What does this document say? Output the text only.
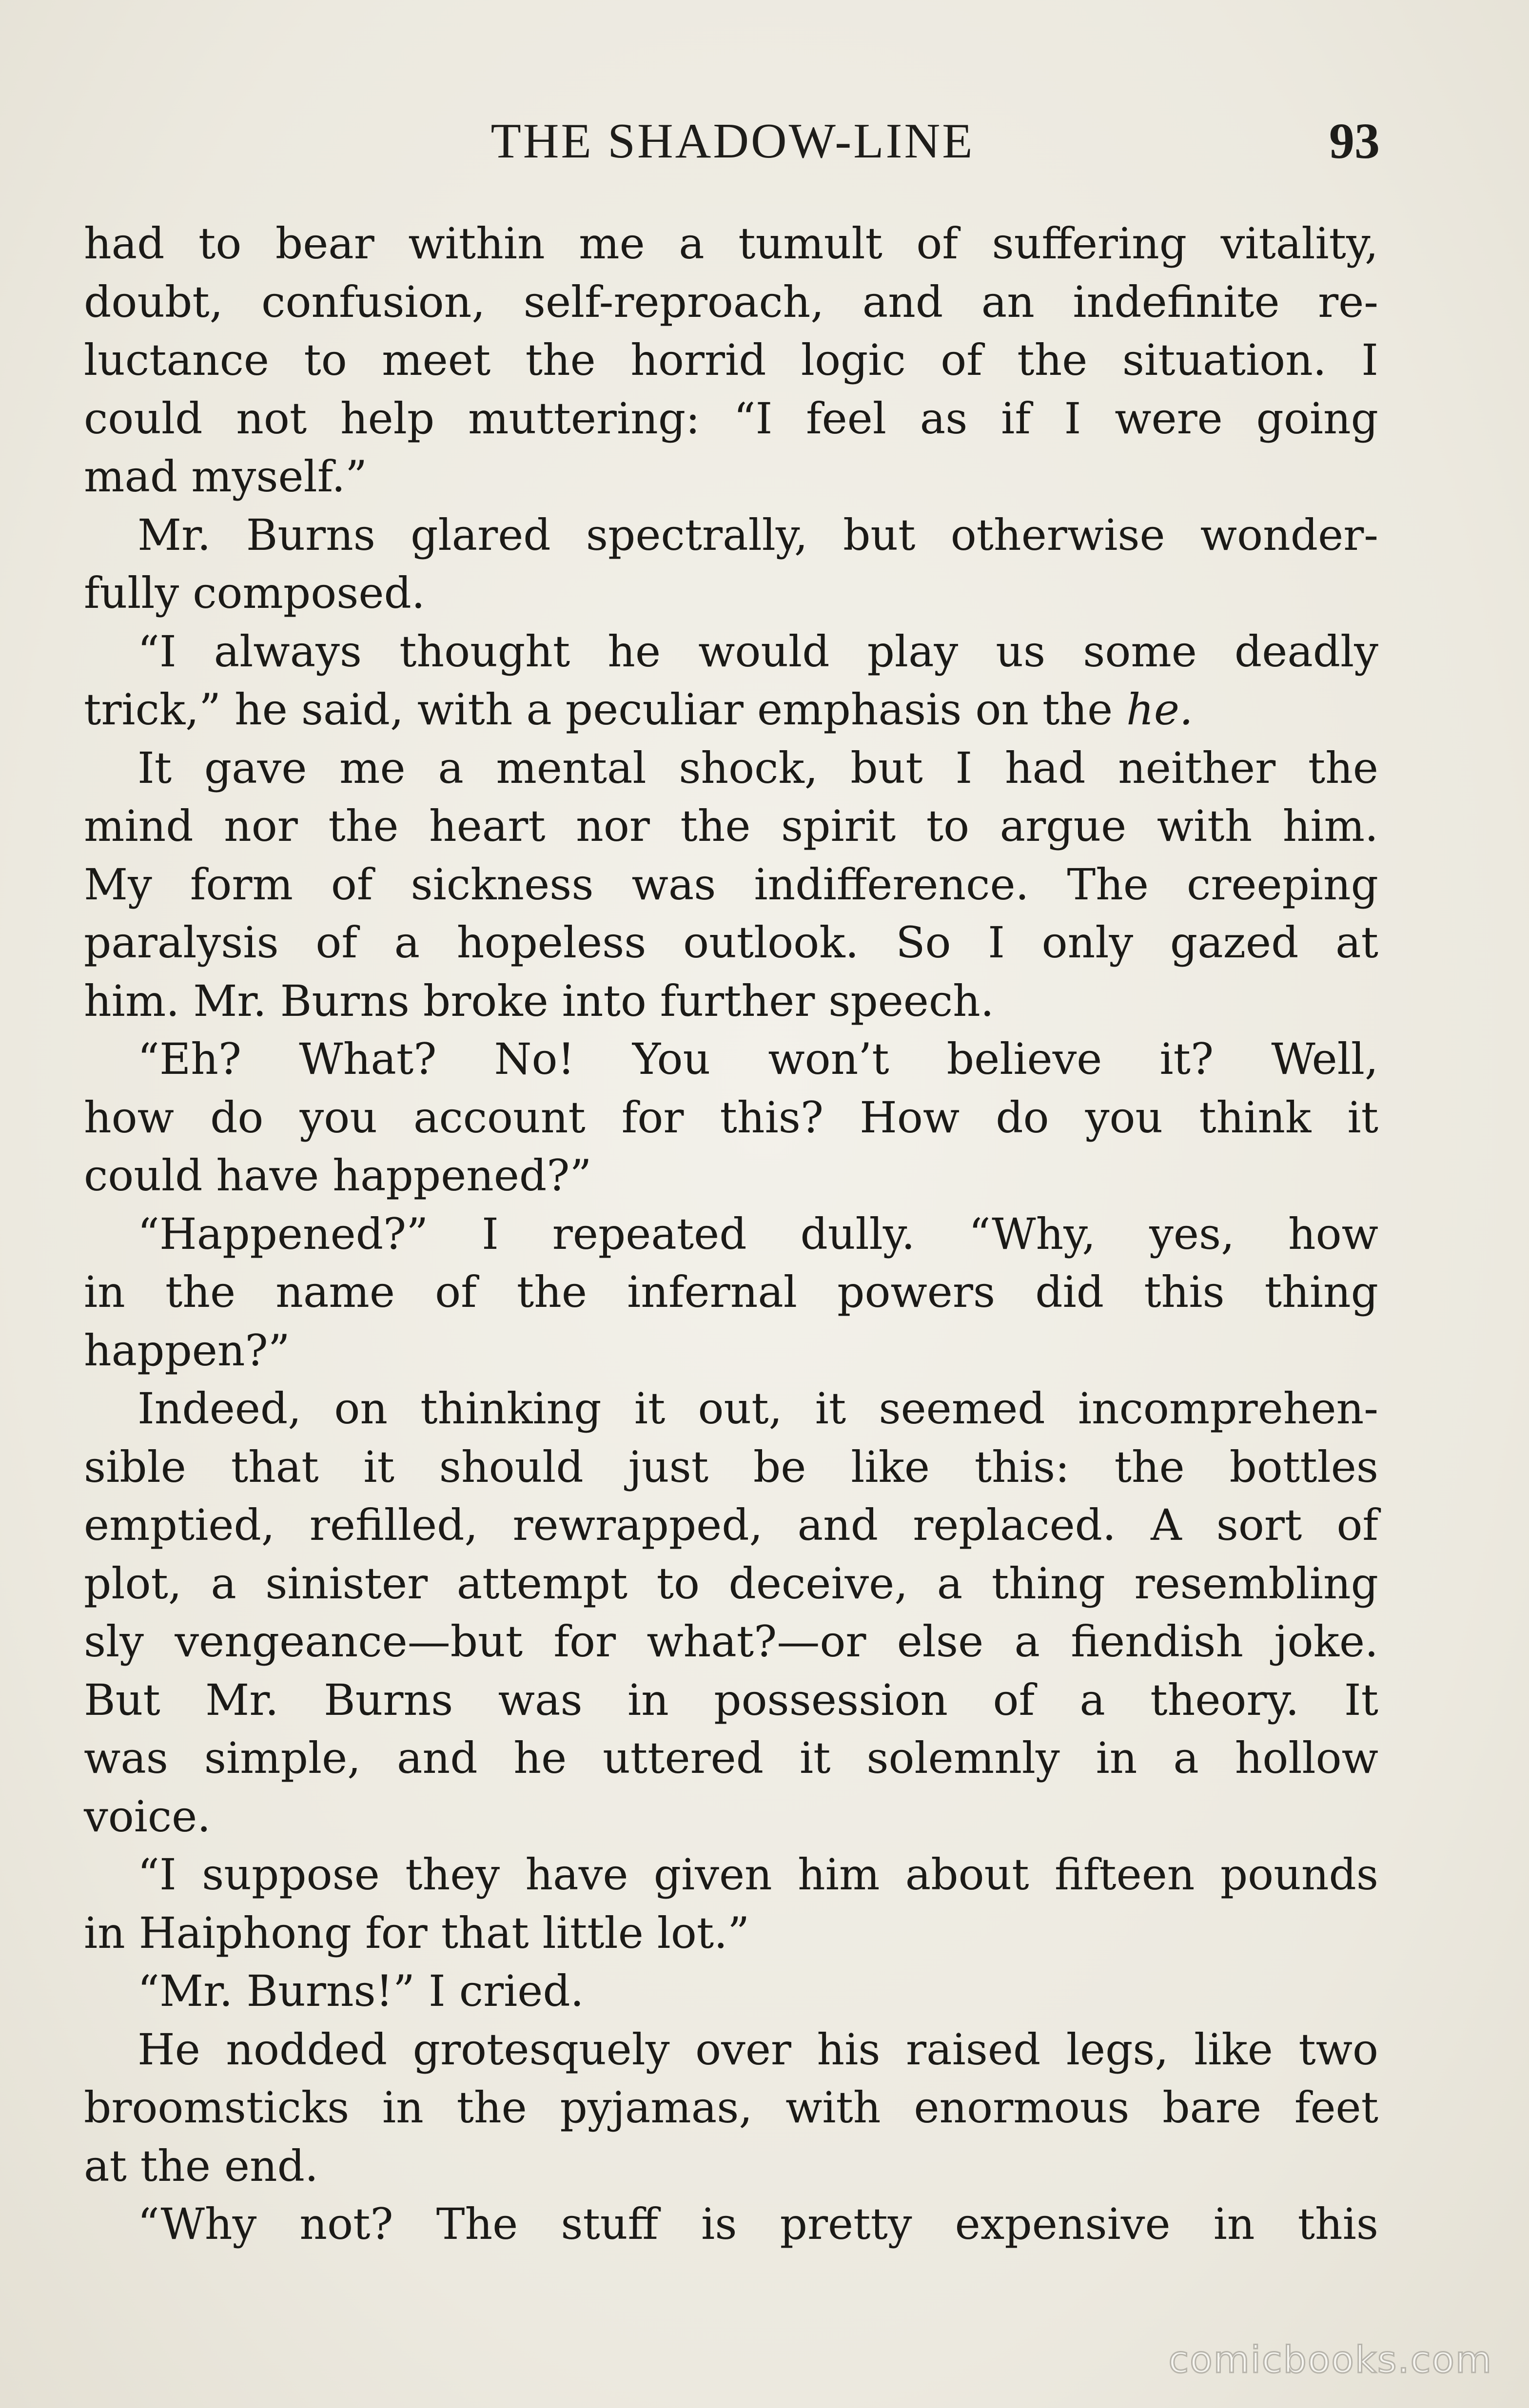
THE SHADOW-LINE	93
had to bear within me a tumult of suffering vitality,
doubt, confusion, self-reproach, and an indefinite re-
luctance to meet the horrid logic of the situation. I
could not help muttering: “I feel as if I were going
mad myself.”
Mr. Burns glared spectrally, but otherwise wonder-
fully composed.
“I always thought he would play us some deadly
trick,” he said, with a peculiar emphasis on the he.
It gave me a mental shock, but I had neither the
mind nor the heart nor the spirit to argue with him.
My form of sickness was indifference. The creeping
paralysis of a hopeless outlook. So I only gazed at
him. Mr. Burns broke into further speech.
“Eh? What? No! You won’t believe it? Well,
how do you account for this? How do you think it
could have happened?”
“Happened?” I repeated dully. “Why, yes, how
in the name of the infernal powers did this thing
happen?”
Indeed, on thinking it out, it seemed incomprehen-
sible that it should just be like this: the bottles
emptied, refilled, rewrapped, and replaced. A sort of
plot, a sinister attempt to deceive, a thing resembling
sly vengeance—but for what?—or else a fiendish joke.
But Mr. Burns was in possession of a theory. It
was simple, and he uttered it solemnly in a hollow
voice.
“I suppose they have given him about fifteen pounds
in Haiphong for that little lot.”
“Mr. Burns!” I cried.
He nodded grotesquely over his raised legs, like two
broomsticks in the pyjamas, with enormous bare feet
at the end.
“Why not? The stuff is pretty expensive in this
comicbooks.com
